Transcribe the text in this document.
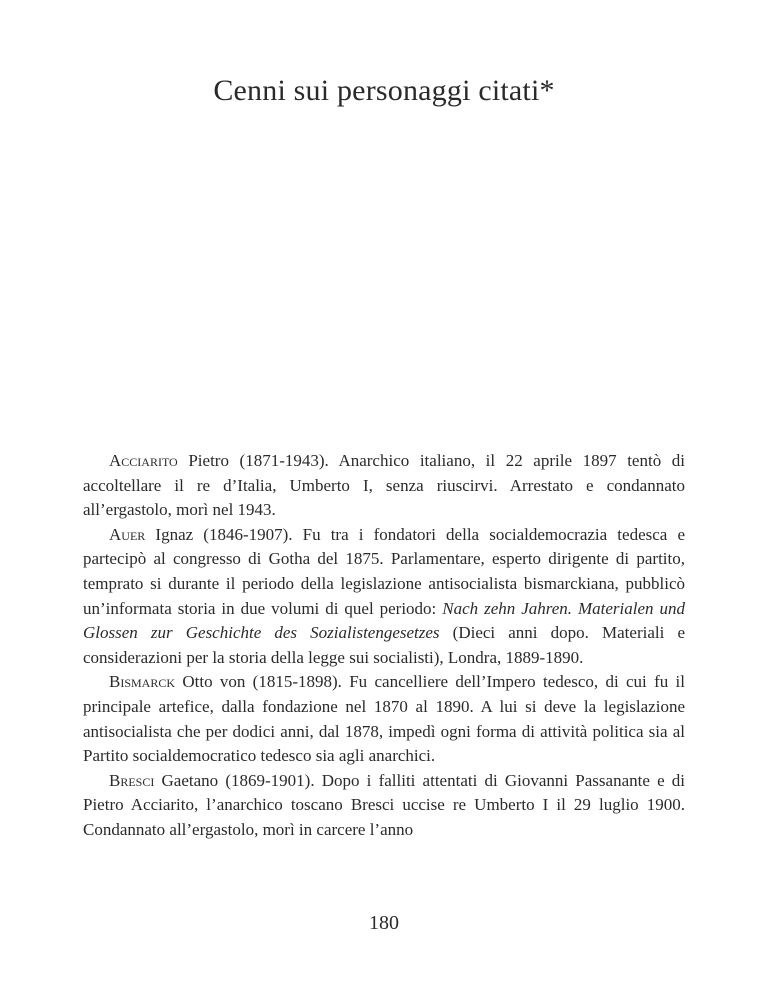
Cenni sui personaggi citati*

Acciarito Pietro (1871-1943). Anarchico italiano, il 22 aprile 1897 tentò di accoltellare il re d’Italia, Umberto I, senza riuscirvi. Arrestato e condannato all’ergastolo, morì nel 1943.

Auer Ignaz (1846-1907). Fu tra i fondatori della socialdemocrazia tedesca e partecipò al congresso di Gotha del 1875. Parlamentare, esperto dirigente di partito, temprato si durante il periodo della legislazione antisocialista bismarckiana, pubblicò un’informata storia in due volumi di quel periodo: Nach zehn Jahren. Materialen und Glossen zur Geschichte des Sozialistengesetzes (Dieci anni dopo. Materiali e considerazioni per la storia della legge sui socialisti), Londra, 1889-1890.

Bismarck Otto von (1815-1898). Fu cancelliere dell’Impero tedesco, di cui fu il principale artefice, dalla fondazione nel 1870 al 1890. A lui si deve la legislazione antisocialista che per dodici anni, dal 1878, impedì ogni forma di attività politica sia al Partito socialdemocratico tedesco sia agli anarchici.

Bresci Gaetano (1869-1901). Dopo i falliti attentati di Giovanni Passanante e di Pietro Acciarito, l’anarchico toscano Bresci uccise re Umberto I il 29 luglio 1900. Condannato all’ergastolo, morì in carcere l’anno

180
